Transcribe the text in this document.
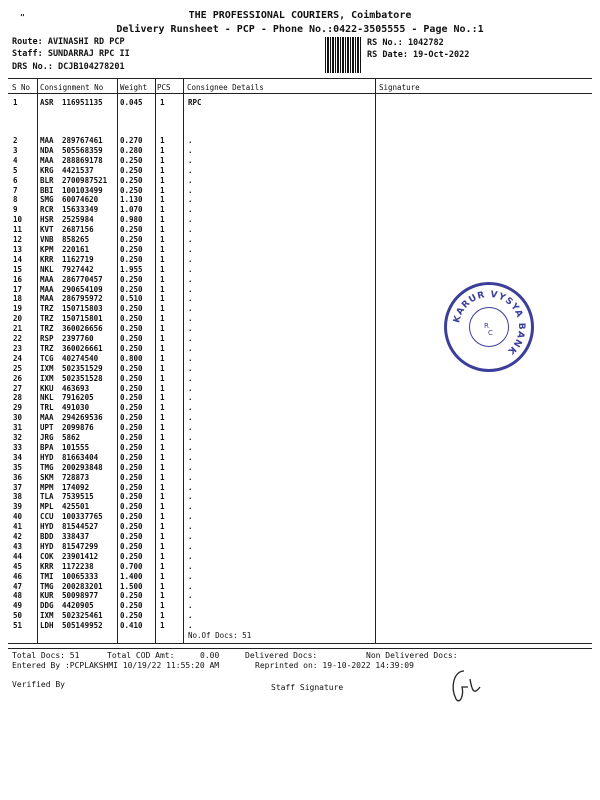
"	THE PROFESSIONAL COURIERS, Coimbatore
Delivery Runsheet - PCP - Phone No.:0422-3505555 - Page No.:1
Route: AVINASHI RD PCP
Staff: SUNDARRAJ RPC II
DRS No.: DCJB104278201
RS No.: 1042782
RS Date: 19-Oct-2022
S No Consignment No Weight PCS Consignee Details	Signature
1	ASR 116951135 0.045 1	RPC
2	MAA 289767461 0.270 1	.
3	NDA 505568359 0.280 1	.
4	MAA 288869178 0.250 1	.
5	KRG 4421537	0.250 1	.
6	BLR 2700987521 0.250 1	.
7	BBI 100103499 0.250 1	.
8	SMG 60074620	1.130 1	.
9	RCR 15633349	1.070 1	.
10 HSR 2525984	0.980 1	.
11 KVT 2687156	0.250 1	.
12 VNB 858265	0.250 1	.
13 KPM 220161	0.250 1	.
14 KRR 1162719	0.250 1	.
15 NKL 7927442	1.955 1	.
16 MAA 286770457 0.250 1	.
17 MAA 290654109 0.250 1	.
18 MAA 286795972 0.510 1	.
19 TRZ 150715803 0.250 1	.
20 TRZ 150715801 0.250 1	.
21 TRZ 360026656 0.250 1	.
22 RSP 2397760	0.250 1	.
23 TRZ 360026661 0.250 1	.
24 TCG 40274540	0.800 1	.
25 IXM 502351529 0.250 1	.
26 IXM 502351528 0.250 1	.
27 KKU 463693	0.250 1	.
28 NKL 7916205	0.250 1	.
29 TRL 491030	0.250 1	.
30 MAA 294269536 0.250 1	.
31 UPT 2099876	0.250 1	.
32 JRG 5862	0.250 1	.
33 BPA 101555	0.250 1	.
34 HYD 81663404	0.250 1	.
35 TMG 200293848 0.250 1	.
36 SKM 728873	0.250 1	.
37 MPM 174092	0.250 1	.
38 TLA 7539515	0.250 1	.
39 MPL 425501	0.250 1	.
40 CCU 100337765 0.250 1	.
41 HYD 81544527	0.250 1	.
42 BDD 338437	0.250 1	.
43 HYD 81547299	0.250 1	.
44 COK 23901412	0.250 1	.
45 KRR 1172238	0.700 1	.
46 TMI 10065333	1.400 1	.
47 TMG 200283201 1.500 1	.
48 KUR 50098977	0.250 1	.
49 DDG 4420905	0.250 1	.
50 IXM 502325461 0.250 1	.
51 LDH 505149952 0.410 1	.
No.Of Docs: 51
KARUR VYSYA BANK
R
C
Total Docs: 51	Total COD Amt:	0.00	Delivered Docs:	Non Delivered Docs:
Entered By :PCPLAKSHMI 10/19/22 11:55:20 AM	Reprinted on: 19-10-2022 14:39:09
Verified By	Staff Signature
